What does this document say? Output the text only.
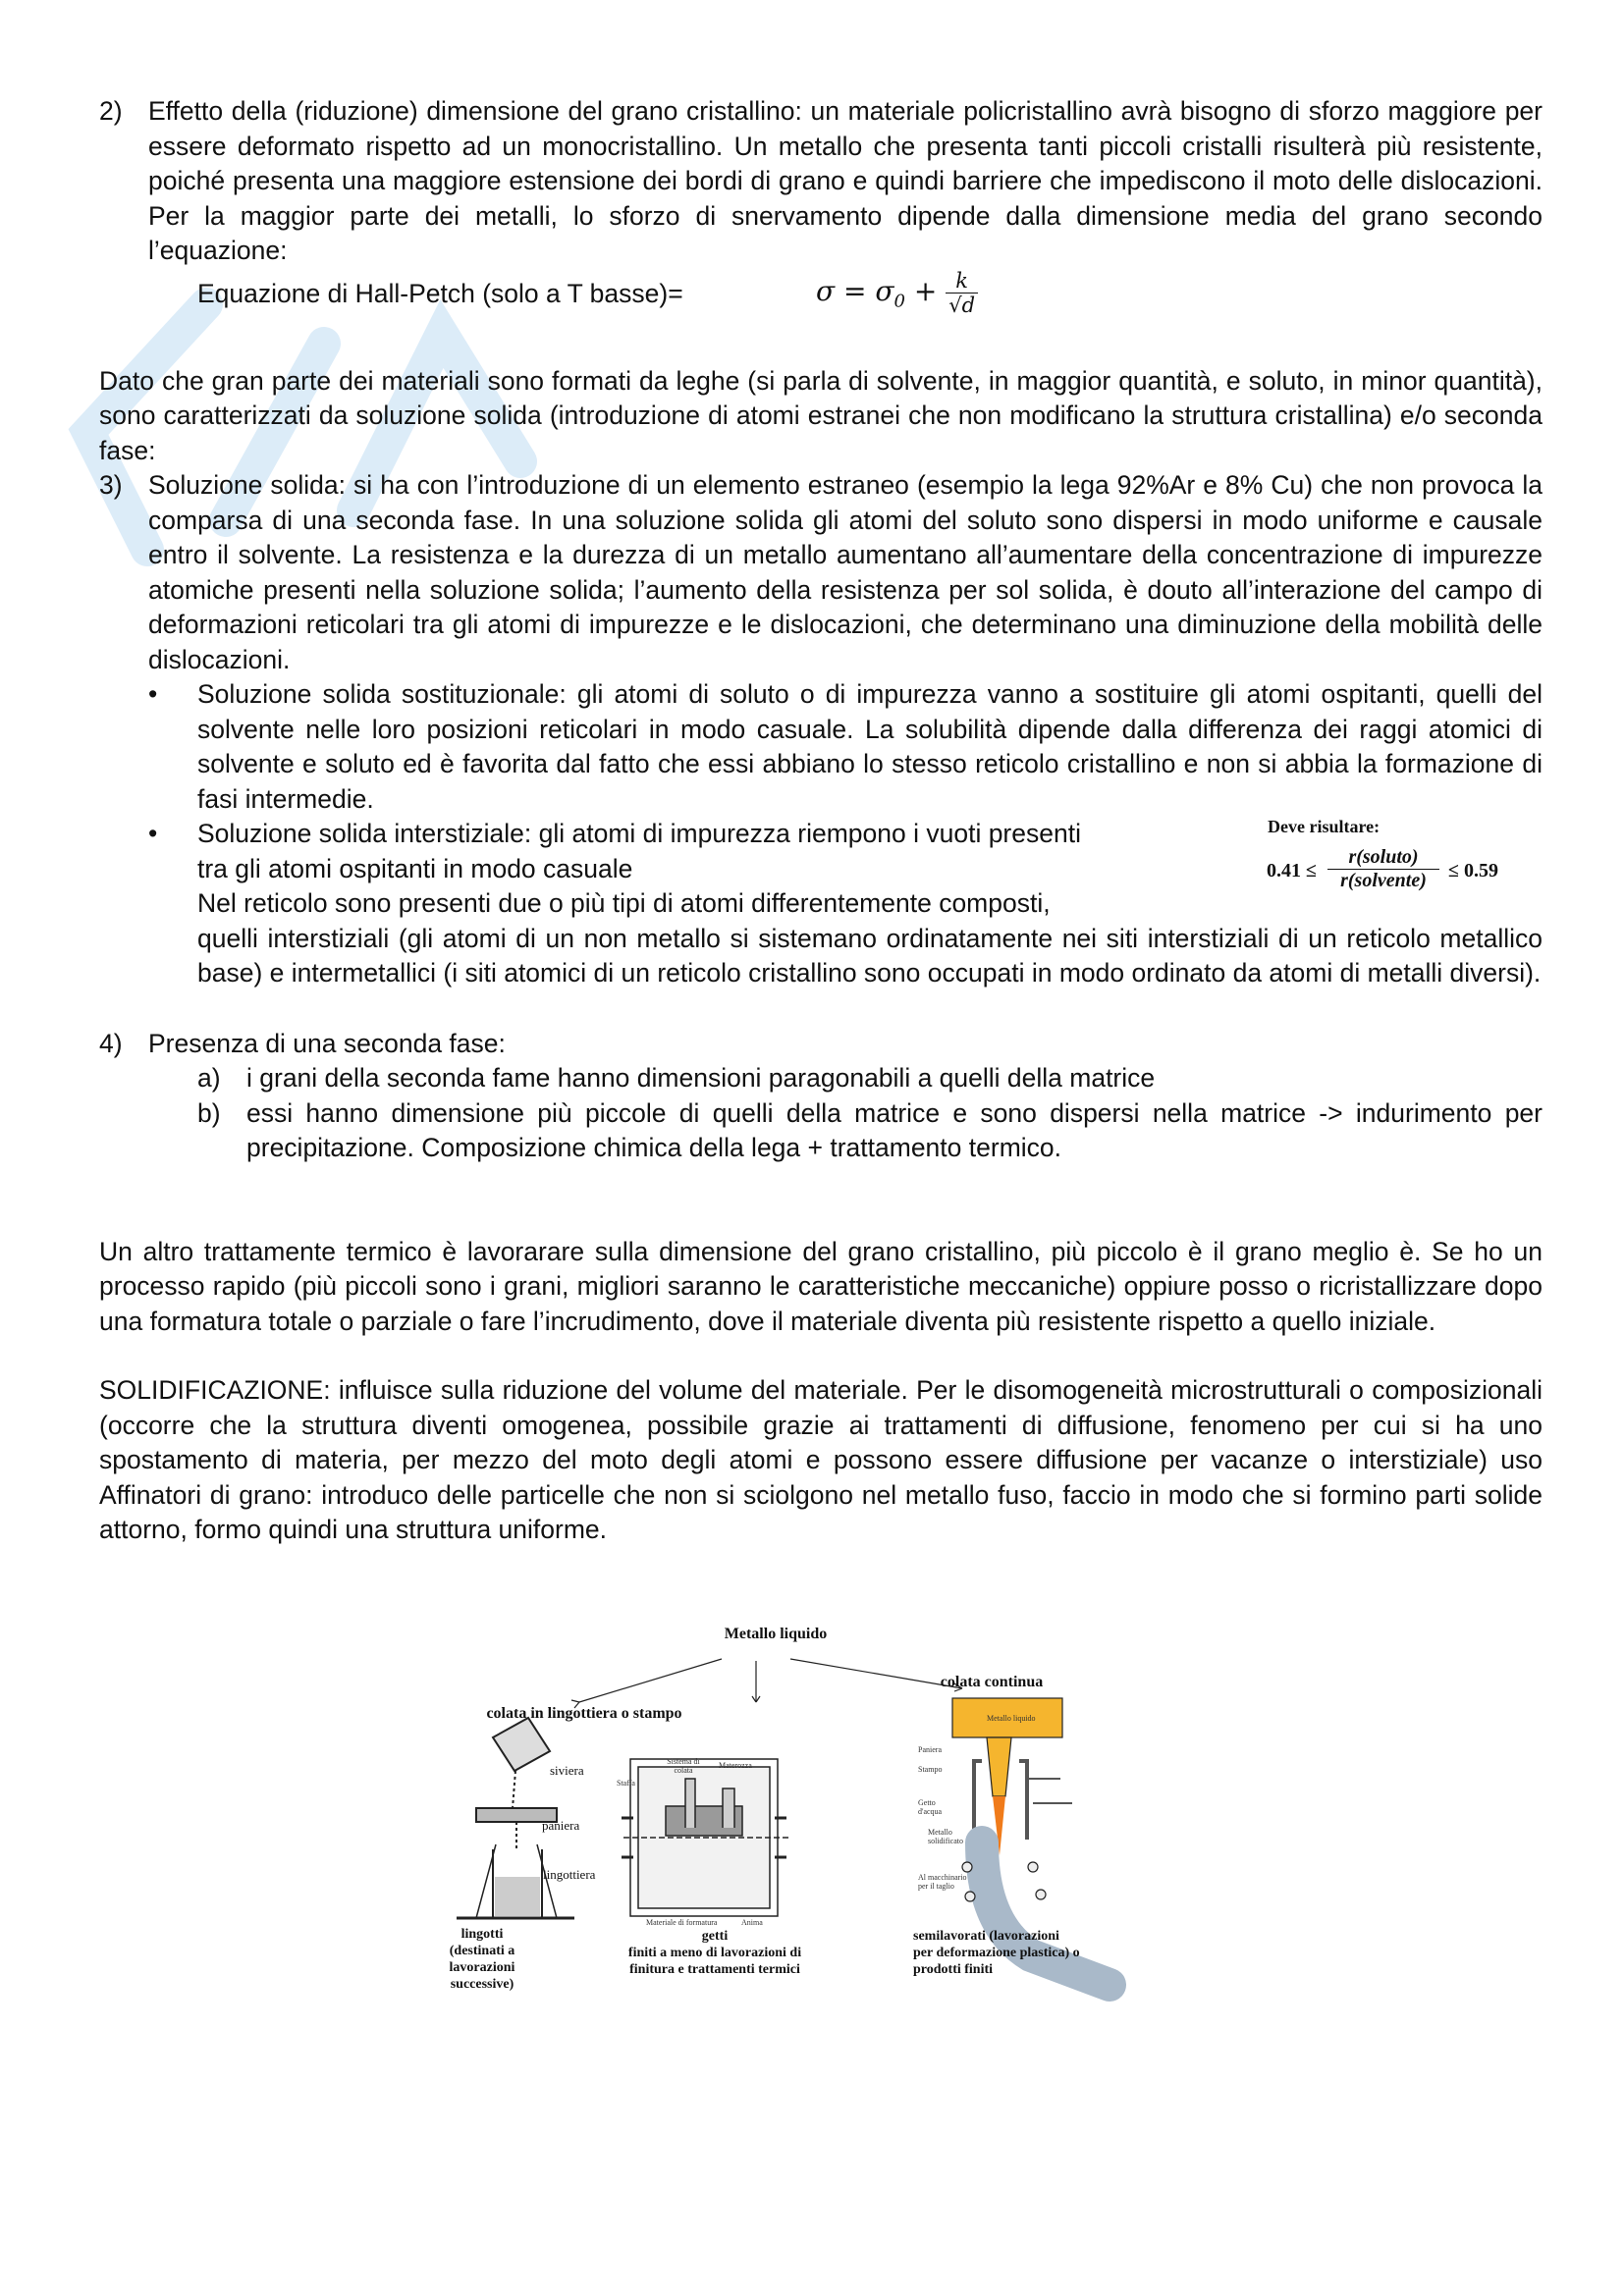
2) Effetto della (riduzione) dimensione del grano cristallino: un materiale policristallino avrà bisogno di sforzo maggiore per essere deformato rispetto ad un monocristallino. Un metallo che presenta tanti piccoli cristalli risulterà più resistente, poiché presenta una maggiore estensione dei bordi di grano e quindi barriere che impediscono il moto delle dislocazioni. Per la maggior parte dei metalli, lo sforzo di snervamento dipende dalla dimensione media del grano secondo l’equazione:

Equazione di Hall-Petch (solo a T basse)=	$\sigma = \sigma_0 + \frac{k}{√d}$

Dato che gran parte dei materiali sono formati da leghe (si parla di solvente, in maggior quantità, e soluto, in minor quantità), sono caratterizzati da soluzione solida (introduzione di atomi estranei che non modificano la struttura cristallina) e/o seconda fase:

3) Soluzione solida: si ha con l’introduzione di un elemento estraneo (esempio la lega 92%Ar e 8% Cu) che non provoca la comparsa di una seconda fase. In una soluzione solida gli atomi del soluto sono dispersi in modo uniforme e causale entro il solvente. La resistenza e la durezza di un metallo aumentano all’aumentare della concentrazione di impurezze atomiche presenti nella soluzione solida; l’aumento della resistenza per sol solida, è douto all’interazione del campo di deformazioni reticolari tra gli atomi di impurezze e le dislocazioni, che determinano una diminuzione della mobilità delle dislocazioni.

• Soluzione solida sostituzionale: gli atomi di soluto o di impurezza vanno a sostituire gli atomi ospitanti, quelli del solvente nelle loro posizioni reticolari in modo casuale. La solubilità dipende dalla differenza dei raggi atomici di solvente e soluto ed è favorita dal fatto che essi abbiano lo stesso reticolo cristallino e non si abbia la formazione di fasi intermedie.

• Soluzione solida interstiziale: gli atomi di impurezza riempono i vuoti presenti

tra gli atomi ospitanti in modo casuale

Nel reticolo sono presenti due o più tipi di atomi differentemente composti,

quelli interstiziali (gli atomi di un non metallo si sistemano ordinatamente nei siti interstiziali di un reticolo metallico base) e intermetallici (i siti atomici di un reticolo cristallino sono occupati in modo ordinato da atomi di metalli diversi).

4) Presenza di una seconda fase:

a) i grani della seconda fame hanno dimensioni paragonabili a quelli della matrice

b) essi hanno dimensione più piccole di quelli della matrice e sono dispersi nella matrice -> indurimento per precipitazione. Composizione chimica della lega + trattamento termico.

Un altro trattamente termico è lavorarare sulla dimensione del grano cristallino, più piccolo è il grano meglio è. Se ho un processo rapido (più piccoli sono i grani, migliori saranno le caratteristiche meccaniche) oppiure posso o ricristallizzare dopo una formatura totale o parziale o fare l’incrudimento, dove il materiale diventa più resistente rispetto a quello iniziale.

SOLIDIFICAZIONE: influisce sulla riduzione del volume del materiale. Per le disomogeneità microstrutturali o composizionali (occorre che la struttura diventi omogenea, possibile grazie ai trattamenti di diffusione, fenomeno per cui si ha uno spostamento di materia, per mezzo del moto degli atomi e possono essere diffusione per vacanze o interstiziale) uso Affinatori di grano: introduco delle particelle che non si sciolgono nel metallo fuso, faccio in modo che si formino parti solide attorno, formo quindi una struttura uniforme.

Deve risultare:
0.41 ≤
r(soluto)
r(solvente)	≤ 0.59
Metallo liquido
colata in lingottiera o stampo
colata continua
siviera
paniera
lingottiera
Sistema di colata
Materozza
Staffa
Materiale di formatura	Anima
Metallo liquido
Paniera
Stampo
Getto d'acqua
Metallo solidificato
Al macchinario per il taglio
lingotti
(destinati a
lavorazioni
successive)
getti
finiti a meno di lavorazioni di
finitura e trattamenti termici
semilavorati (lavorazioni
per deformazione plastica) o
prodotti finiti
